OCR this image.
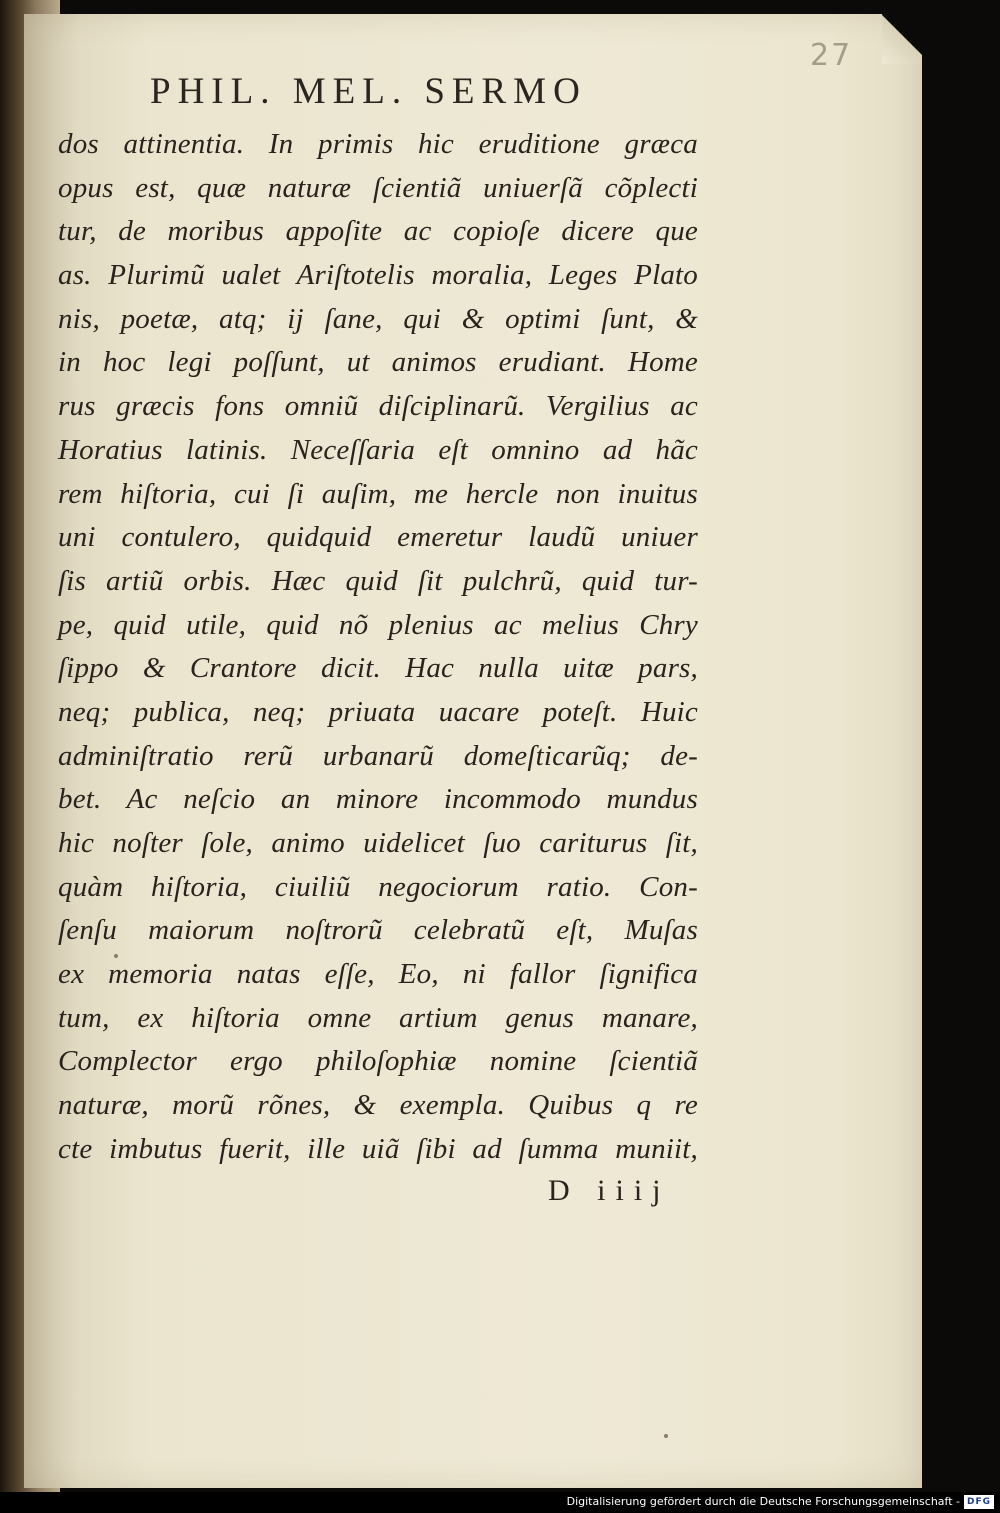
27
PHIL. MEL. SERMO
dos attinentia. In primis hic eruditione græca
opus est, quæ naturæ ſcientiã uniuerſã cõplecti
tur, de moribus appoſite ac copioſe dicere que
as. Plurimũ ualet Ariſtotelis moralia, Leges Plato
nis, poetæ, atq; ij ſane, qui & optimi ſunt, &
in hoc legi poſſunt, ut animos erudiant. Home
rus græcis fons omniũ diſciplinarũ. Vergilius ac
Horatius latinis. Neceſſaria eſt omnino ad hãc
rem hiſtoria, cui ſi auſim, me hercle non inuitus
uni contulero, quidquid emeretur laudũ uniuer
ſis artiũ orbis. Hæc quid ſit pulchrũ, quid tur-
pe, quid utile, quid nõ plenius ac melius Chry
ſippo & Crantore dicit. Hac nulla uitæ pars,
neq; publica, neq; priuata uacare poteſt. Huic
adminiſtratio rerũ urbanarũ domeſticarũq; de-
bet. Ac neſcio an minore incommodo mundus
hic noſter ſole, animo uidelicet ſuo cariturus ſit,
quàm hiſtoria, ciuiliũ negociorum ratio. Con-
ſenſu maiorum noſtrorũ celebratũ eſt, Muſas
ex memoria natas eſſe, Eo, ni fallor ſignifica
tum, ex hiſtoria omne artium genus manare,
Complector ergo philoſophiæ nomine ſcientiã
naturæ, morũ rõnes, & exempla. Quibus q re
cte imbutus fuerit, ille uiã ſibi ad ſumma muniit,
D iiij
Digitalisierung gefördert durch die Deutsche Forschungsgemeinschaft - DFG
